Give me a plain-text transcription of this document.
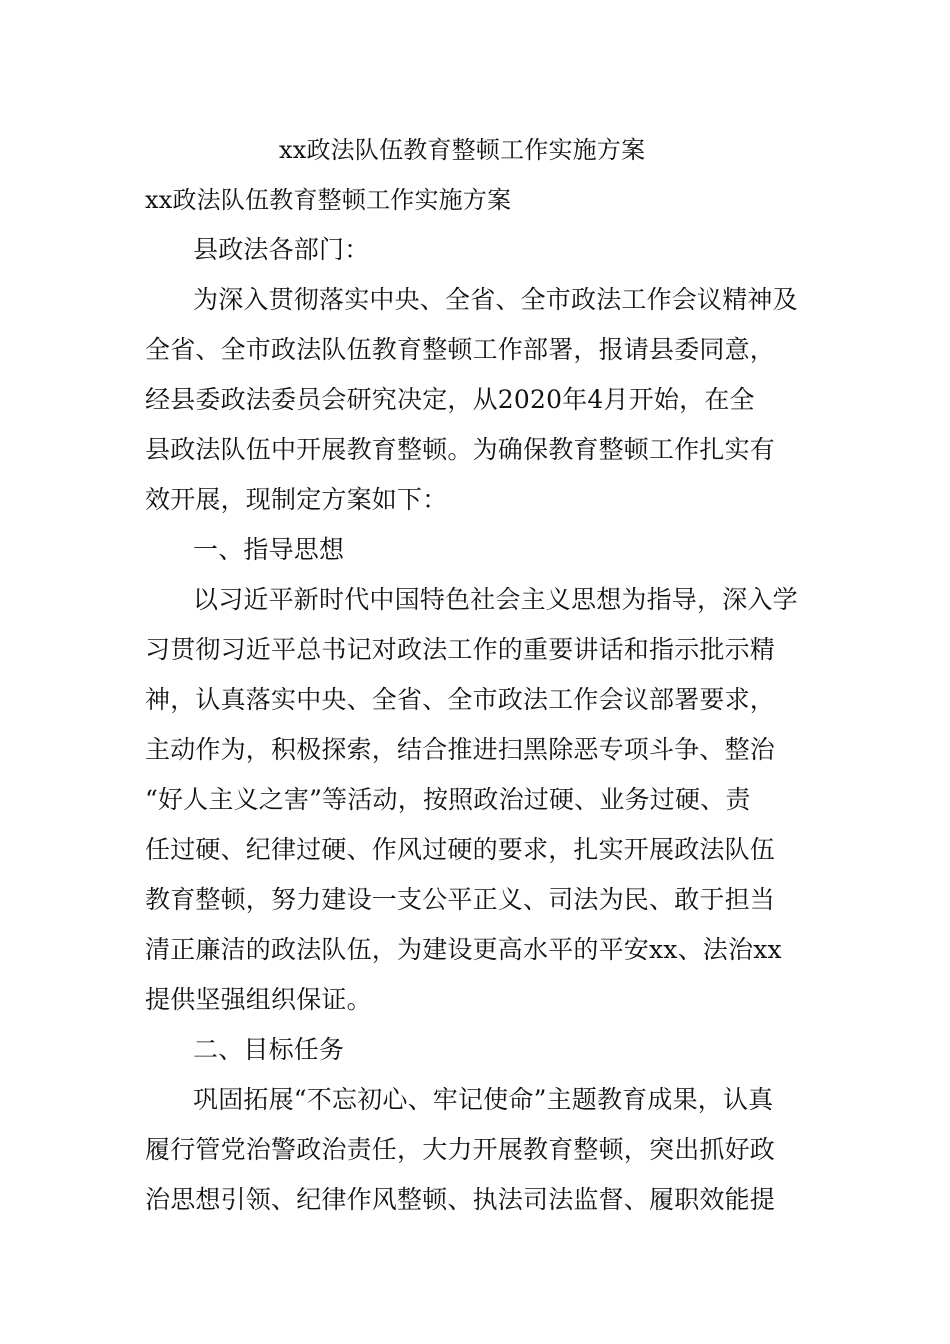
xx政法队伍教育整顿工作实施方案

xx政法队伍教育整顿工作实施方案

县政法各部门：

为深入贯彻落实中央、全省、全市政法工作会议精神及

全省、全市政法队伍教育整顿工作部署，报请县委同意，

经县委政法委员会研究决定，从2020年4月开始，在全

县政法队伍中开展教育整顿。为确保教育整顿工作扎实有

效开展，现制定方案如下：

一、指导思想

以习近平新时代中国特色社会主义思想为指导，深入学

习贯彻习近平总书记对政法工作的重要讲话和指示批示精

神，认真落实中央、全省、全市政法工作会议部署要求，

主动作为，积极探索，结合推进扫黑除恶专项斗争、整治

“好人主义之害”等活动，按照政治过硬、业务过硬、责

任过硬、纪律过硬、作风过硬的要求，扎实开展政法队伍

教育整顿，努力建设一支公平正义、司法为民、敢于担当

清正廉洁的政法队伍，为建设更高水平的平安xx、法治xx

提供坚强组织保证。

二、目标任务

巩固拓展“不忘初心、牢记使命”主题教育成果，认真

履行管党治警政治责任，大力开展教育整顿，突出抓好政

治思想引领、纪律作风整顿、执法司法监督、履职效能提
